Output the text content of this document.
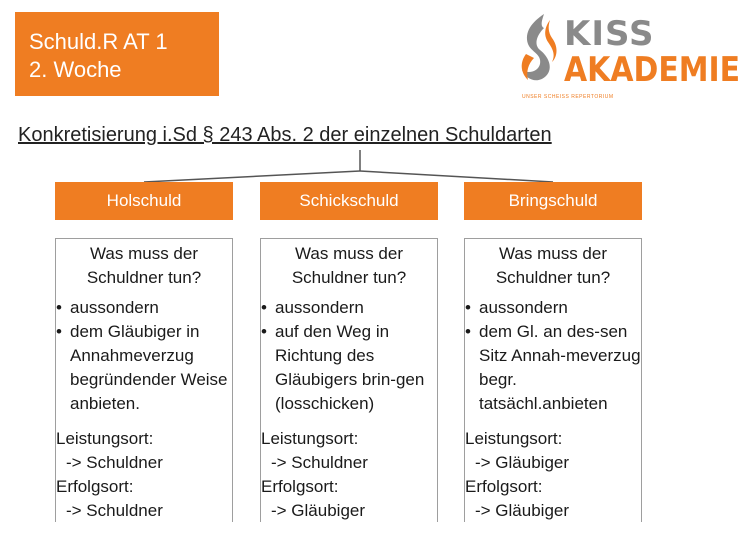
Schuld.R AT 1
2. Woche
KISS
AKADEMIE
UNSER SCHEISS REPERTORIUM
Konkretisierung i.Sd § 243 Abs. 2 der einzelnen Schuldarten
Holschuld
Was muss der Schuldner tun?
• aussondern
• dem Gläubiger in Annahmeverzug begründender Weise anbieten.
Leistungsort:
-> Schuldner
Erfolgsort:
-> Schuldner
Schickschuld
Was muss der Schuldner tun?
• aussondern
• auf den Weg in Richtung des Gläubigers brin-gen (losschicken)
Leistungsort:
-> Schuldner
Erfolgsort:
-> Gläubiger
Bringschuld
Was muss der Schuldner tun?
• aussondern
• dem Gl. an des-sen Sitz Annah-meverzug begr. tatsächl.anbieten
Leistungsort:
-> Gläubiger
Erfolgsort:
-> Gläubiger
